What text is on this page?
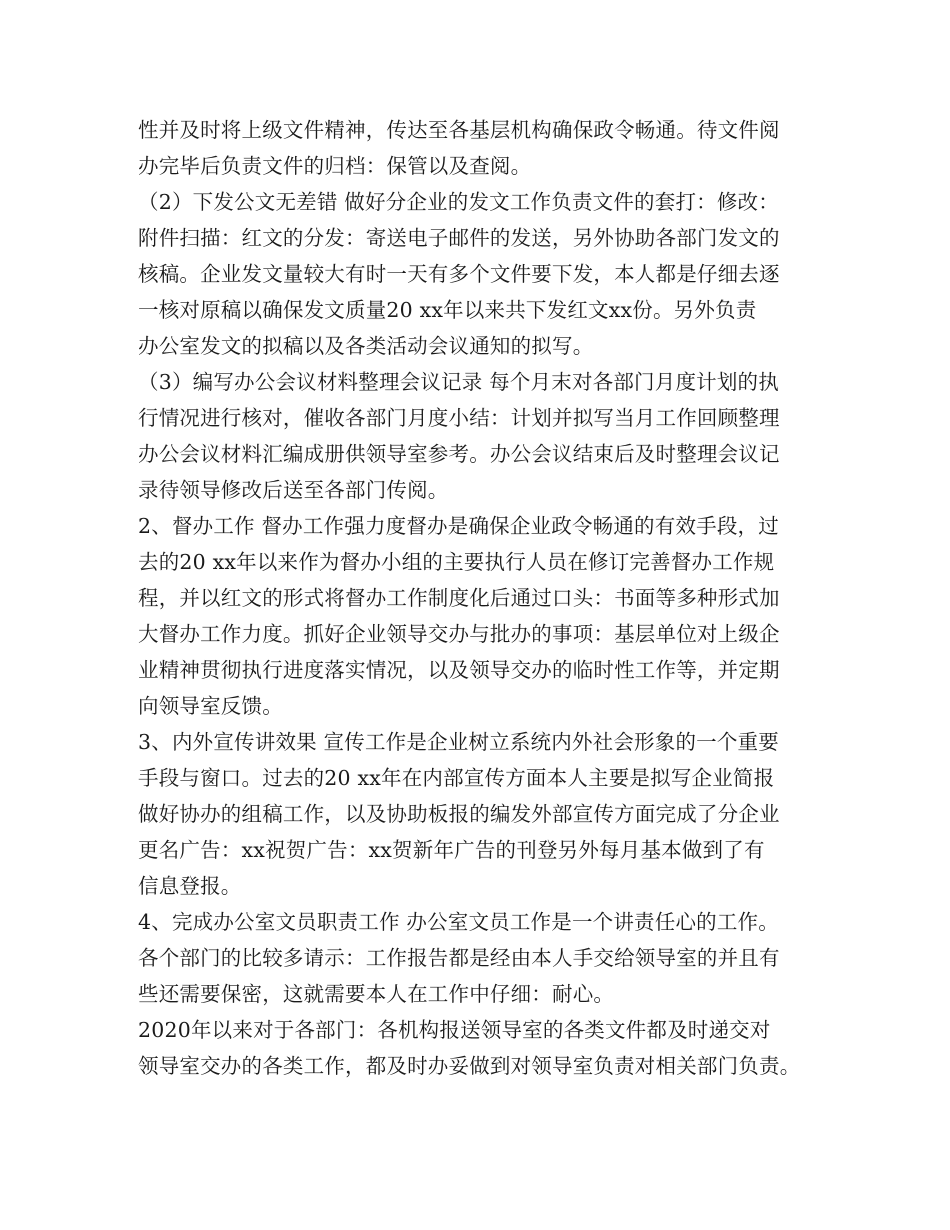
性并及时将上级文件精神，传达至各基层机构确保政令畅通。待文件阅
办完毕后负责文件的归档：保管以及查阅。
（2）下发公文无差错 做好分企业的发文工作负责文件的套打：修改：
附件扫描：红文的分发：寄送电子邮件的发送，另外协助各部门发文的
核稿。企业发文量较大有时一天有多个文件要下发，本人都是仔细去逐
一核对原稿以确保发文质量20 xx年以来共下发红文xx份。另外负责
办公室发文的拟稿以及各类活动会议通知的拟写。
（3）编写办公会议材料整理会议记录 每个月末对各部门月度计划的执
行情况进行核对，催收各部门月度小结：计划并拟写当月工作回顾整理
办公会议材料汇编成册供领导室参考。办公会议结束后及时整理会议记
录待领导修改后送至各部门传阅。
2、督办工作 督办工作强力度督办是确保企业政令畅通的有效手段，过
去的20 xx年以来作为督办小组的主要执行人员在修订完善督办工作规
程，并以红文的形式将督办工作制度化后通过口头：书面等多种形式加
大督办工作力度。抓好企业领导交办与批办的事项：基层单位对上级企
业精神贯彻执行进度落实情况，以及领导交办的临时性工作等，并定期
向领导室反馈。
3、内外宣传讲效果 宣传工作是企业树立系统内外社会形象的一个重要
手段与窗口。过去的20 xx年在内部宣传方面本人主要是拟写企业简报
做好协办的组稿工作，以及协助板报的编发外部宣传方面完成了分企业
更名广告：xx祝贺广告：xx贺新年广告的刊登另外每月基本做到了有
信息登报。
4、完成办公室文员职责工作 办公室文员工作是一个讲责任心的工作。
各个部门的比较多请示：工作报告都是经由本人手交给领导室的并且有
些还需要保密，这就需要本人在工作中仔细：耐心。
2020年以来对于各部门：各机构报送领导室的各类文件都及时递交对
领导室交办的各类工作，都及时办妥做到对领导室负责对相关部门负责。
